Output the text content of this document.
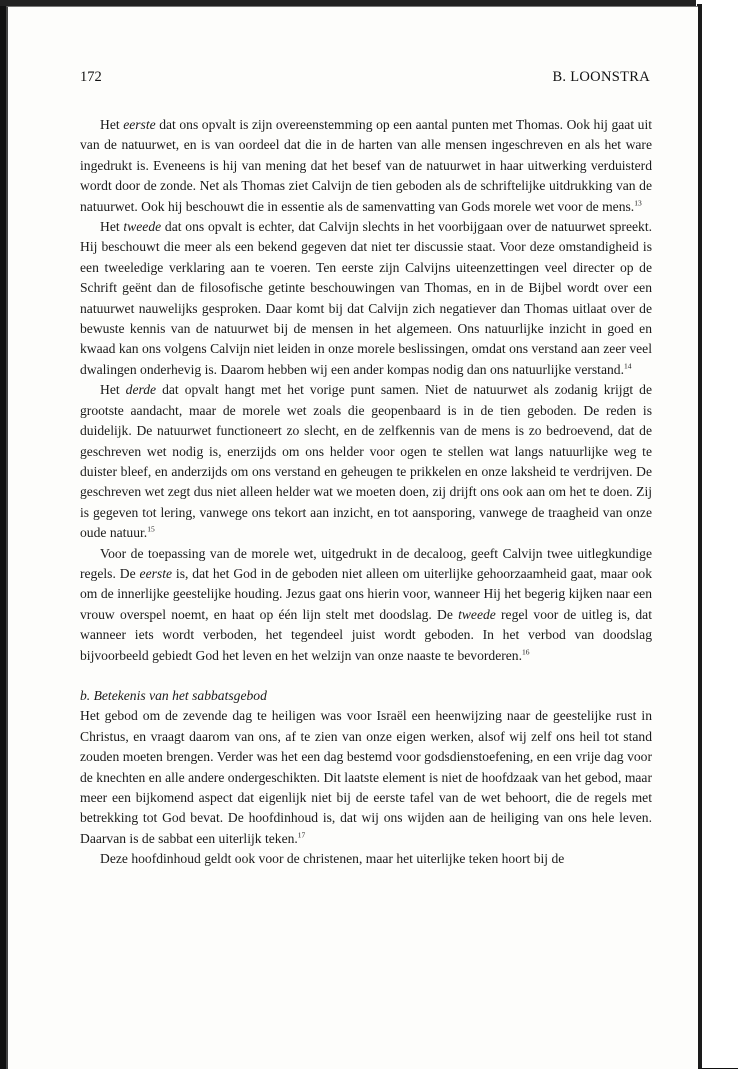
172	B. LOONSTRA

Het eerste dat ons opvalt is zijn overeenstemming op een aantal punten met Thomas. Ook hij gaat uit van de natuurwet, en is van oordeel dat die in de harten van alle mensen ingeschreven en als het ware ingedrukt is. Eveneens is hij van mening dat het besef van de natuurwet in haar uitwerking verduisterd wordt door de zonde. Net als Thomas ziet Calvijn de tien geboden als de schriftelijke uitdrukking van de natuurwet. Ook hij beschouwt die in essentie als de samenvatting van Gods morele wet voor de mens.$^{13}$

Het tweede dat ons opvalt is echter, dat Calvijn slechts in het voorbijgaan over de natuurwet spreekt. Hij beschouwt die meer als een bekend gegeven dat niet ter discussie staat. Voor deze omstandigheid is een tweeledige verklaring aan te voeren. Ten eerste zijn Calvijns uiteenzettingen veel directer op de Schrift geënt dan de filosofische getinte beschouwingen van Thomas, en in de Bijbel wordt over een natuurwet nauwelijks gesproken. Daar komt bij dat Calvijn zich negatiever dan Thomas uitlaat over de bewuste kennis van de natuurwet bij de mensen in het algemeen. Ons natuurlijke inzicht in goed en kwaad kan ons volgens Calvijn niet leiden in onze morele beslissingen, omdat ons verstand aan zeer veel dwalingen onderhevig is. Daarom hebben wij een ander kompas nodig dan ons natuurlijke verstand.$^{14}$

Het derde dat opvalt hangt met het vorige punt samen. Niet de natuurwet als zodanig krijgt de grootste aandacht, maar de morele wet zoals die geopenbaard is in de tien geboden. De reden is duidelijk. De natuurwet functioneert zo slecht, en de zelfkennis van de mens is zo bedroevend, dat de geschreven wet nodig is, enerzijds om ons helder voor ogen te stellen wat langs natuurlijke weg te duister bleef, en anderzijds om ons verstand en geheugen te prikkelen en onze laksheid te verdrijven. De geschreven wet zegt dus niet alleen helder wat we moeten doen, zij drijft ons ook aan om het te doen. Zij is gegeven tot lering, vanwege ons tekort aan inzicht, en tot aansporing, vanwege de traagheid van onze oude natuur.$^{15}$

Voor de toepassing van de morele wet, uitgedrukt in de decaloog, geeft Calvijn twee uitlegkundige regels. De eerste is, dat het God in de geboden niet alleen om uiterlijke gehoorzaamheid gaat, maar ook om de innerlijke geestelijke houding. Jezus gaat ons hierin voor, wanneer Hij het begerig kijken naar een vrouw overspel noemt, en haat op één lijn stelt met doodslag. De tweede regel voor de uitleg is, dat wanneer iets wordt verboden, het tegendeel juist wordt geboden. In het verbod van doodslag bijvoorbeeld gebiedt God het leven en het welzijn van onze naaste te bevorderen.$^{16}$

b. Betekenis van het sabbatsgebod

Het gebod om de zevende dag te heiligen was voor Israël een heenwijzing naar de geestelijke rust in Christus, en vraagt daarom van ons, af te zien van onze eigen werken, alsof wij zelf ons heil tot stand zouden moeten brengen. Verder was het een dag bestemd voor godsdienstoefening, en een vrije dag voor de knechten en alle andere ondergeschikten. Dit laatste element is niet de hoofdzaak van het gebod, maar meer een bijkomend aspect dat eigenlijk niet bij de eerste tafel van de wet behoort, die de regels met betrekking tot God bevat. De hoofdinhoud is, dat wij ons wijden aan de heiliging van ons hele leven. Daarvan is de sabbat een uiterlijk teken.$^{17}$

Deze hoofdinhoud geldt ook voor de christenen, maar het uiterlijke teken hoort bij de
